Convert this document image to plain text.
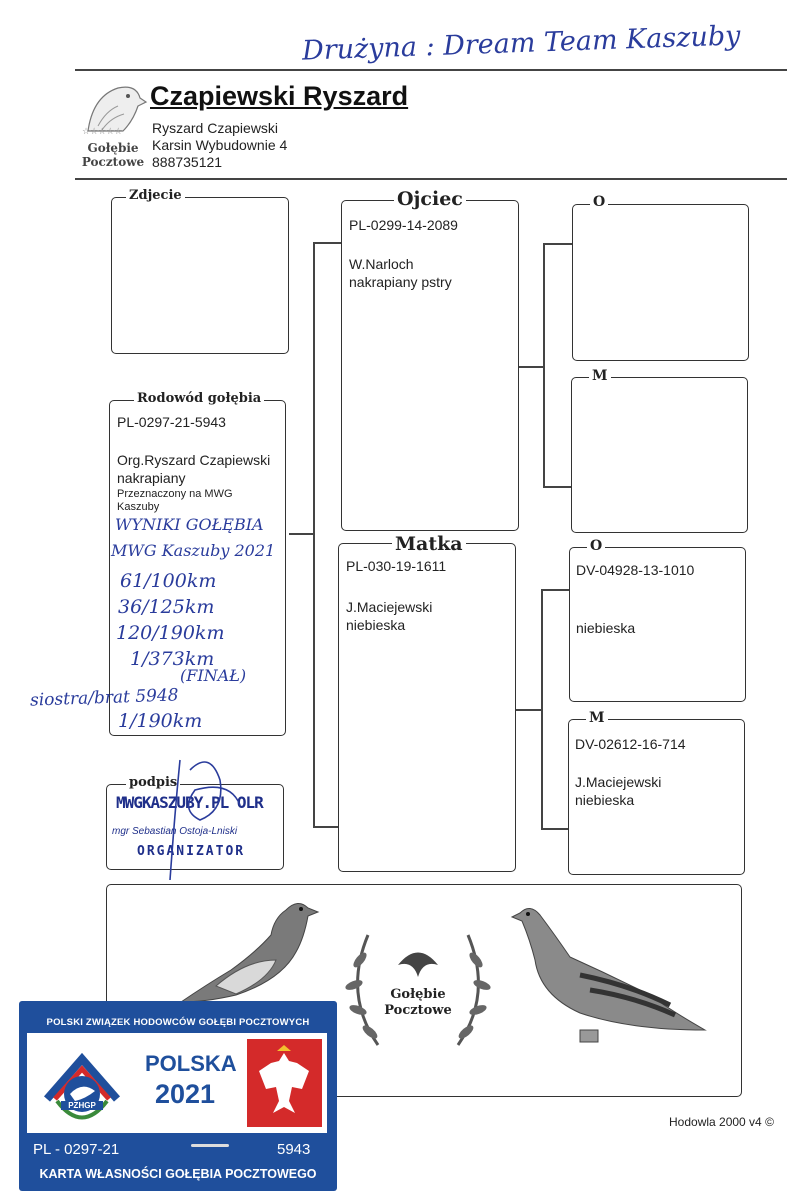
Drużyna : Dream Team Kaszuby
☆☆☆☆☆
Gołębie Pocztowe
Czapiewski Ryszard
Ryszard Czapiewski
Karsin Wybudownie 4
888735121
Zdjecie
Rodowód gołębia
PL-0297-21-5943
Org.Ryszard Czapiewski
nakrapiany
Przeznaczony na MWG
Kaszuby
WYNIKI GOŁĘBIA
MWG Kaszuby 2021
61/100km
36/125km
120/190km
1/373km
(FINAŁ)
siostra/brat 5948
1/190km
podpis
MWGKASZUBY.PL OLR
mgr Sebastian Ostoja-Lniski
ORGANIZATOR
Ojciec
PL-0299-14-2089
W.Narloch
nakrapiany pstry
Matka
PL-030-19-1611
J.Maciejewski
niebieska
O
M
O
DV-04928-13-1010
niebieska
M
DV-02612-16-714
J.Maciejewski
niebieska
Gołębie
Pocztowe
Hodowla 2000 v4 ©
POLSKI ZWIĄZEK HODOWCÓW GOŁĘBI POCZTOWYCH
PZHGP
POLSKA
2021
PL - 0297-21	5943
KARTA WŁASNOŚCI GOŁĘBIA POCZTOWEGO
